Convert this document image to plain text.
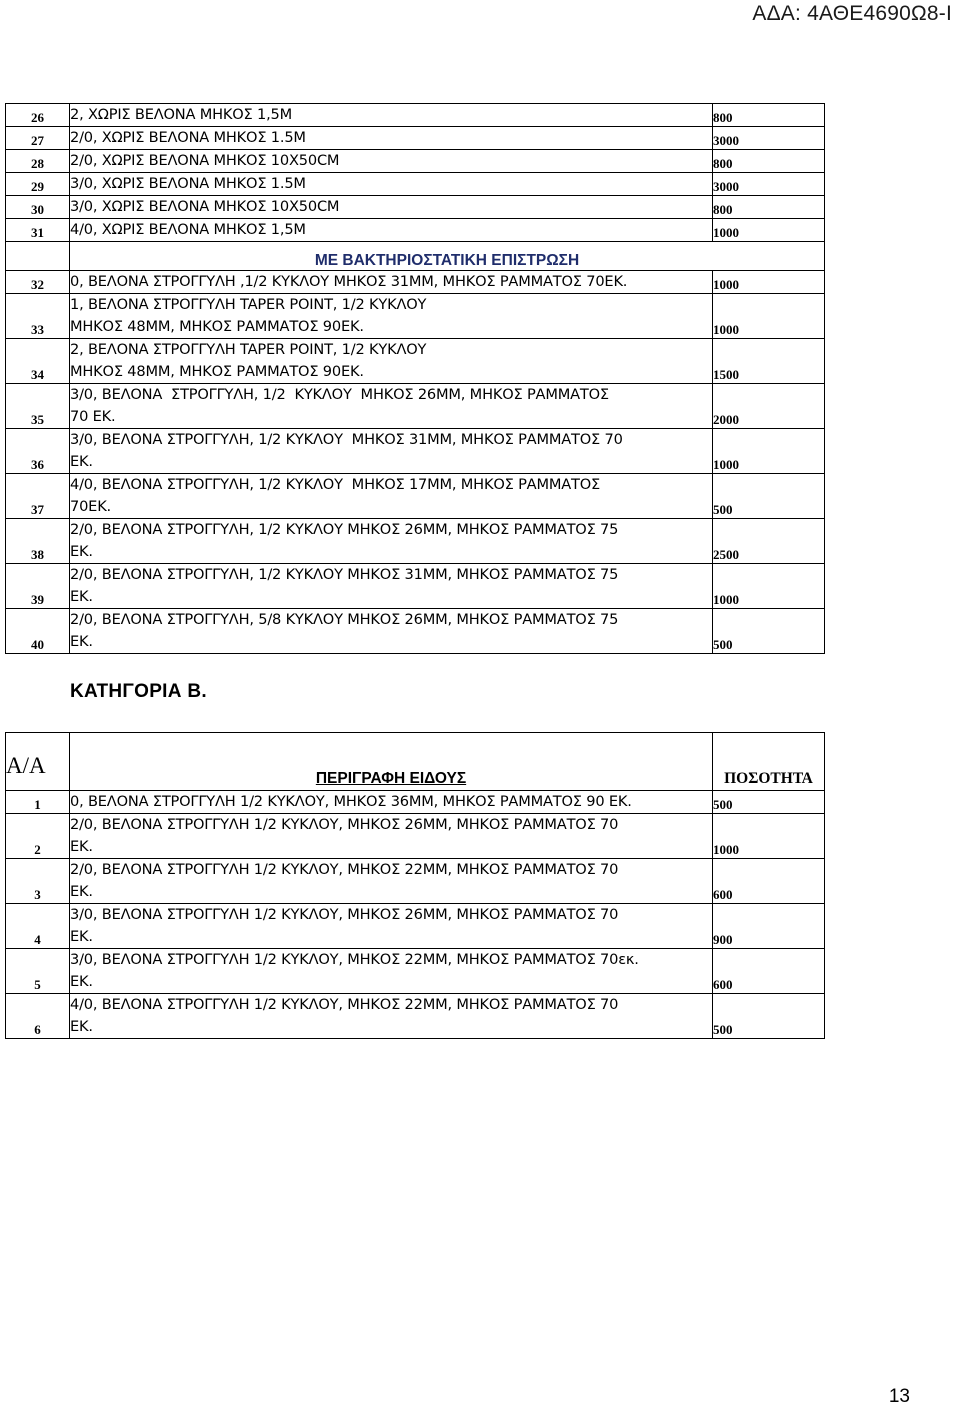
ΑΔΑ: 4ΑΘΕ4690Ω8-Ι
26	2, ΧΩΡΙΣ ΒΕΛΟΝΑ ΜΗΚΟΣ 1,5Μ	800
27	2/0, ΧΩΡΙΣ ΒΕΛΟΝΑ ΜΗΚΟΣ 1.5Μ	3000
28	2/0, ΧΩΡΙΣ ΒΕΛΟΝΑ ΜΗΚΟΣ 10Χ50CM	800
29	3/0, ΧΩΡΙΣ ΒΕΛΟΝΑ ΜΗΚΟΣ 1.5Μ	3000
30	3/0, ΧΩΡΙΣ ΒΕΛΟΝΑ ΜΗΚΟΣ 10Χ50CM	800
31	4/0, ΧΩΡΙΣ ΒΕΛΟΝΑ ΜΗΚΟΣ 1,5Μ	1000
	ΜΕ ΒΑΚΤΗΡΙΟΣΤΑΤΙΚΗ ΕΠΙΣΤΡΩΣΗ	
32	0, ΒΕΛΟΝΑ ΣΤΡΟΓΓΥΛΗ ,1/2 ΚΥΚΛΟΥ ΜΗΚΟΣ 31ΜΜ, ΜΗΚΟΣ ΡΑΜΜΑΤΟΣ 70ΕΚ.	1000
33	1, ΒΕΛΟΝΑ ΣΤΡΟΓΓΥΛΗ TAPER POINT, 1/2 ΚΥΚΛΟΥ
ΜΗΚΟΣ 48ΜΜ, ΜΗΚΟΣ ΡΑΜΜΑΤΟΣ 90ΕΚ.	1000
34	2, ΒΕΛΟΝΑ ΣΤΡΟΓΓΥΛΗ TAPER POINT, 1/2 ΚΥΚΛΟΥ
ΜΗΚΟΣ 48ΜΜ, ΜΗΚΟΣ ΡΑΜΜΑΤΟΣ 90ΕΚ.	1500
35	3/0, ΒΕΛΟΝΑ  ΣΤΡΟΓΓΥΛΗ, 1/2  ΚΥΚΛΟΥ  ΜΗΚΟΣ 26ΜΜ, ΜΗΚΟΣ ΡΑΜΜΑΤΟΣ
70 ΕΚ.	2000
36	3/0, ΒΕΛΟΝΑ ΣΤΡΟΓΓΥΛΗ, 1/2 ΚΥΚΛΟΥ  ΜΗΚΟΣ 31ΜΜ, ΜΗΚΟΣ ΡΑΜΜΑΤΟΣ 70
ΕΚ.	1000
37	4/0, ΒΕΛΟΝΑ ΣΤΡΟΓΓΥΛΗ, 1/2 ΚΥΚΛΟΥ  ΜΗΚΟΣ 17ΜΜ, ΜΗΚΟΣ ΡΑΜΜΑΤΟΣ
70ΕΚ.	500
38	2/0, ΒΕΛΟΝΑ ΣΤΡΟΓΓΥΛΗ, 1/2 ΚΥΚΛΟΥ ΜΗΚΟΣ 26ΜΜ, ΜΗΚΟΣ ΡΑΜΜΑΤΟΣ 75
ΕΚ.	2500
39	2/0, ΒΕΛΟΝΑ ΣΤΡΟΓΓΥΛΗ, 1/2 ΚΥΚΛΟΥ ΜΗΚΟΣ 31ΜΜ, ΜΗΚΟΣ ΡΑΜΜΑΤΟΣ 75
ΕΚ.	1000
40	2/0, ΒΕΛΟΝΑ ΣΤΡΟΓΓΥΛΗ, 5/8 ΚΥΚΛΟΥ ΜΗΚΟΣ 26ΜΜ, ΜΗΚΟΣ ΡΑΜΜΑΤΟΣ 75
ΕΚ.	500
ΚΑΤΗΓΟΡΙΑ Β.
Α/Α	ΠΕΡΙΓΡΑΦΗ ΕΙΔΟΥΣ	ΠΟΣΟΤΗΤΑ
1	0, ΒΕΛΟΝΑ ΣΤΡΟΓΓΥΛΗ 1/2 ΚΥΚΛΟΥ, ΜΗΚΟΣ 36ΜΜ, ΜΗΚΟΣ ΡΑΜΜΑΤΟΣ 90 ΕΚ.	500
2	2/0, ΒΕΛΟΝΑ ΣΤΡΟΓΓΥΛΗ 1/2 ΚΥΚΛΟΥ, ΜΗΚΟΣ 26ΜΜ, ΜΗΚΟΣ ΡΑΜΜΑΤΟΣ 70
ΕΚ.	1000
3	2/0, ΒΕΛΟΝΑ ΣΤΡΟΓΓΥΛΗ 1/2 ΚΥΚΛΟΥ, ΜΗΚΟΣ 22ΜΜ, ΜΗΚΟΣ ΡΑΜΜΑΤΟΣ 70
ΕΚ.	600
4	3/0, ΒΕΛΟΝΑ ΣΤΡΟΓΓΥΛΗ 1/2 ΚΥΚΛΟΥ, ΜΗΚΟΣ 26ΜΜ, ΜΗΚΟΣ ΡΑΜΜΑΤΟΣ 70
ΕΚ.	900
5	3/0, ΒΕΛΟΝΑ ΣΤΡΟΓΓΥΛΗ 1/2 ΚΥΚΛΟΥ, ΜΗΚΟΣ 22ΜΜ, ΜΗΚΟΣ ΡΑΜΜΑΤΟΣ 70εκ.
ΕΚ.	600
6	4/0, ΒΕΛΟΝΑ ΣΤΡΟΓΓΥΛΗ 1/2 ΚΥΚΛΟΥ, ΜΗΚΟΣ 22ΜΜ, ΜΗΚΟΣ ΡΑΜΜΑΤΟΣ 70
ΕΚ.	500
13
